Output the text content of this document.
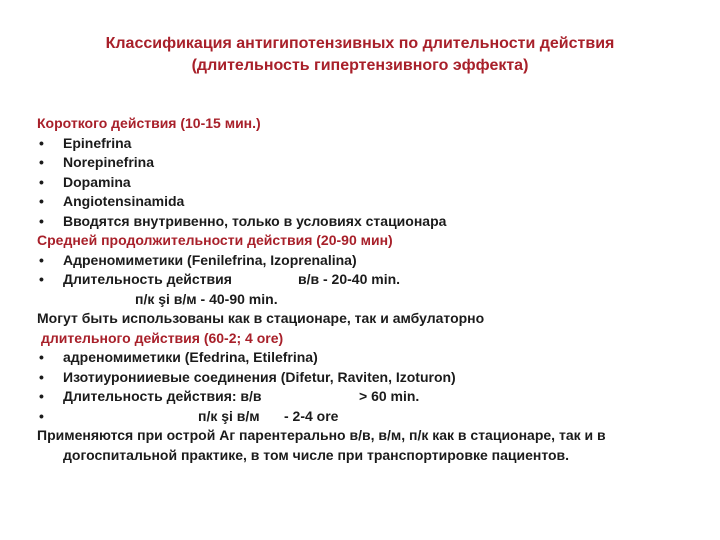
Классификация антигипотензивных по длительности действия
(длительность гипертензивного эффекта)
Короткого действия (10-15 мин.)
• Epinefrina
• Norepinefrina
• Dopamina
• Angiotensinamida
• Вводятся внутривенно, только в условиях стационара
Средней продолжительности действия (20-90 мин)
• Адреномиметики (Fenilefrina, Izoprenalina)
• Длительность действия	в/в - 20-40 min.
п/к şi в/м - 40-90 min.
Могут быть использованы как в стационаре, так и амбулаторно
длительного действия (60-2; 4 ore)
• адреномиметики (Efedrina, Etilefrina)
• Изотиуронииевые соединения (Difetur, Raviten, Izoturon)
• Длительность действия: в/в	> 60 min.
• п/к şi в/м - 2-4 ore
Применяются при острой Аг парентерально в/в, в/м, п/к как в стационаре, так и в догоспитальной практике, в том числе при транспортировке пациентов.
